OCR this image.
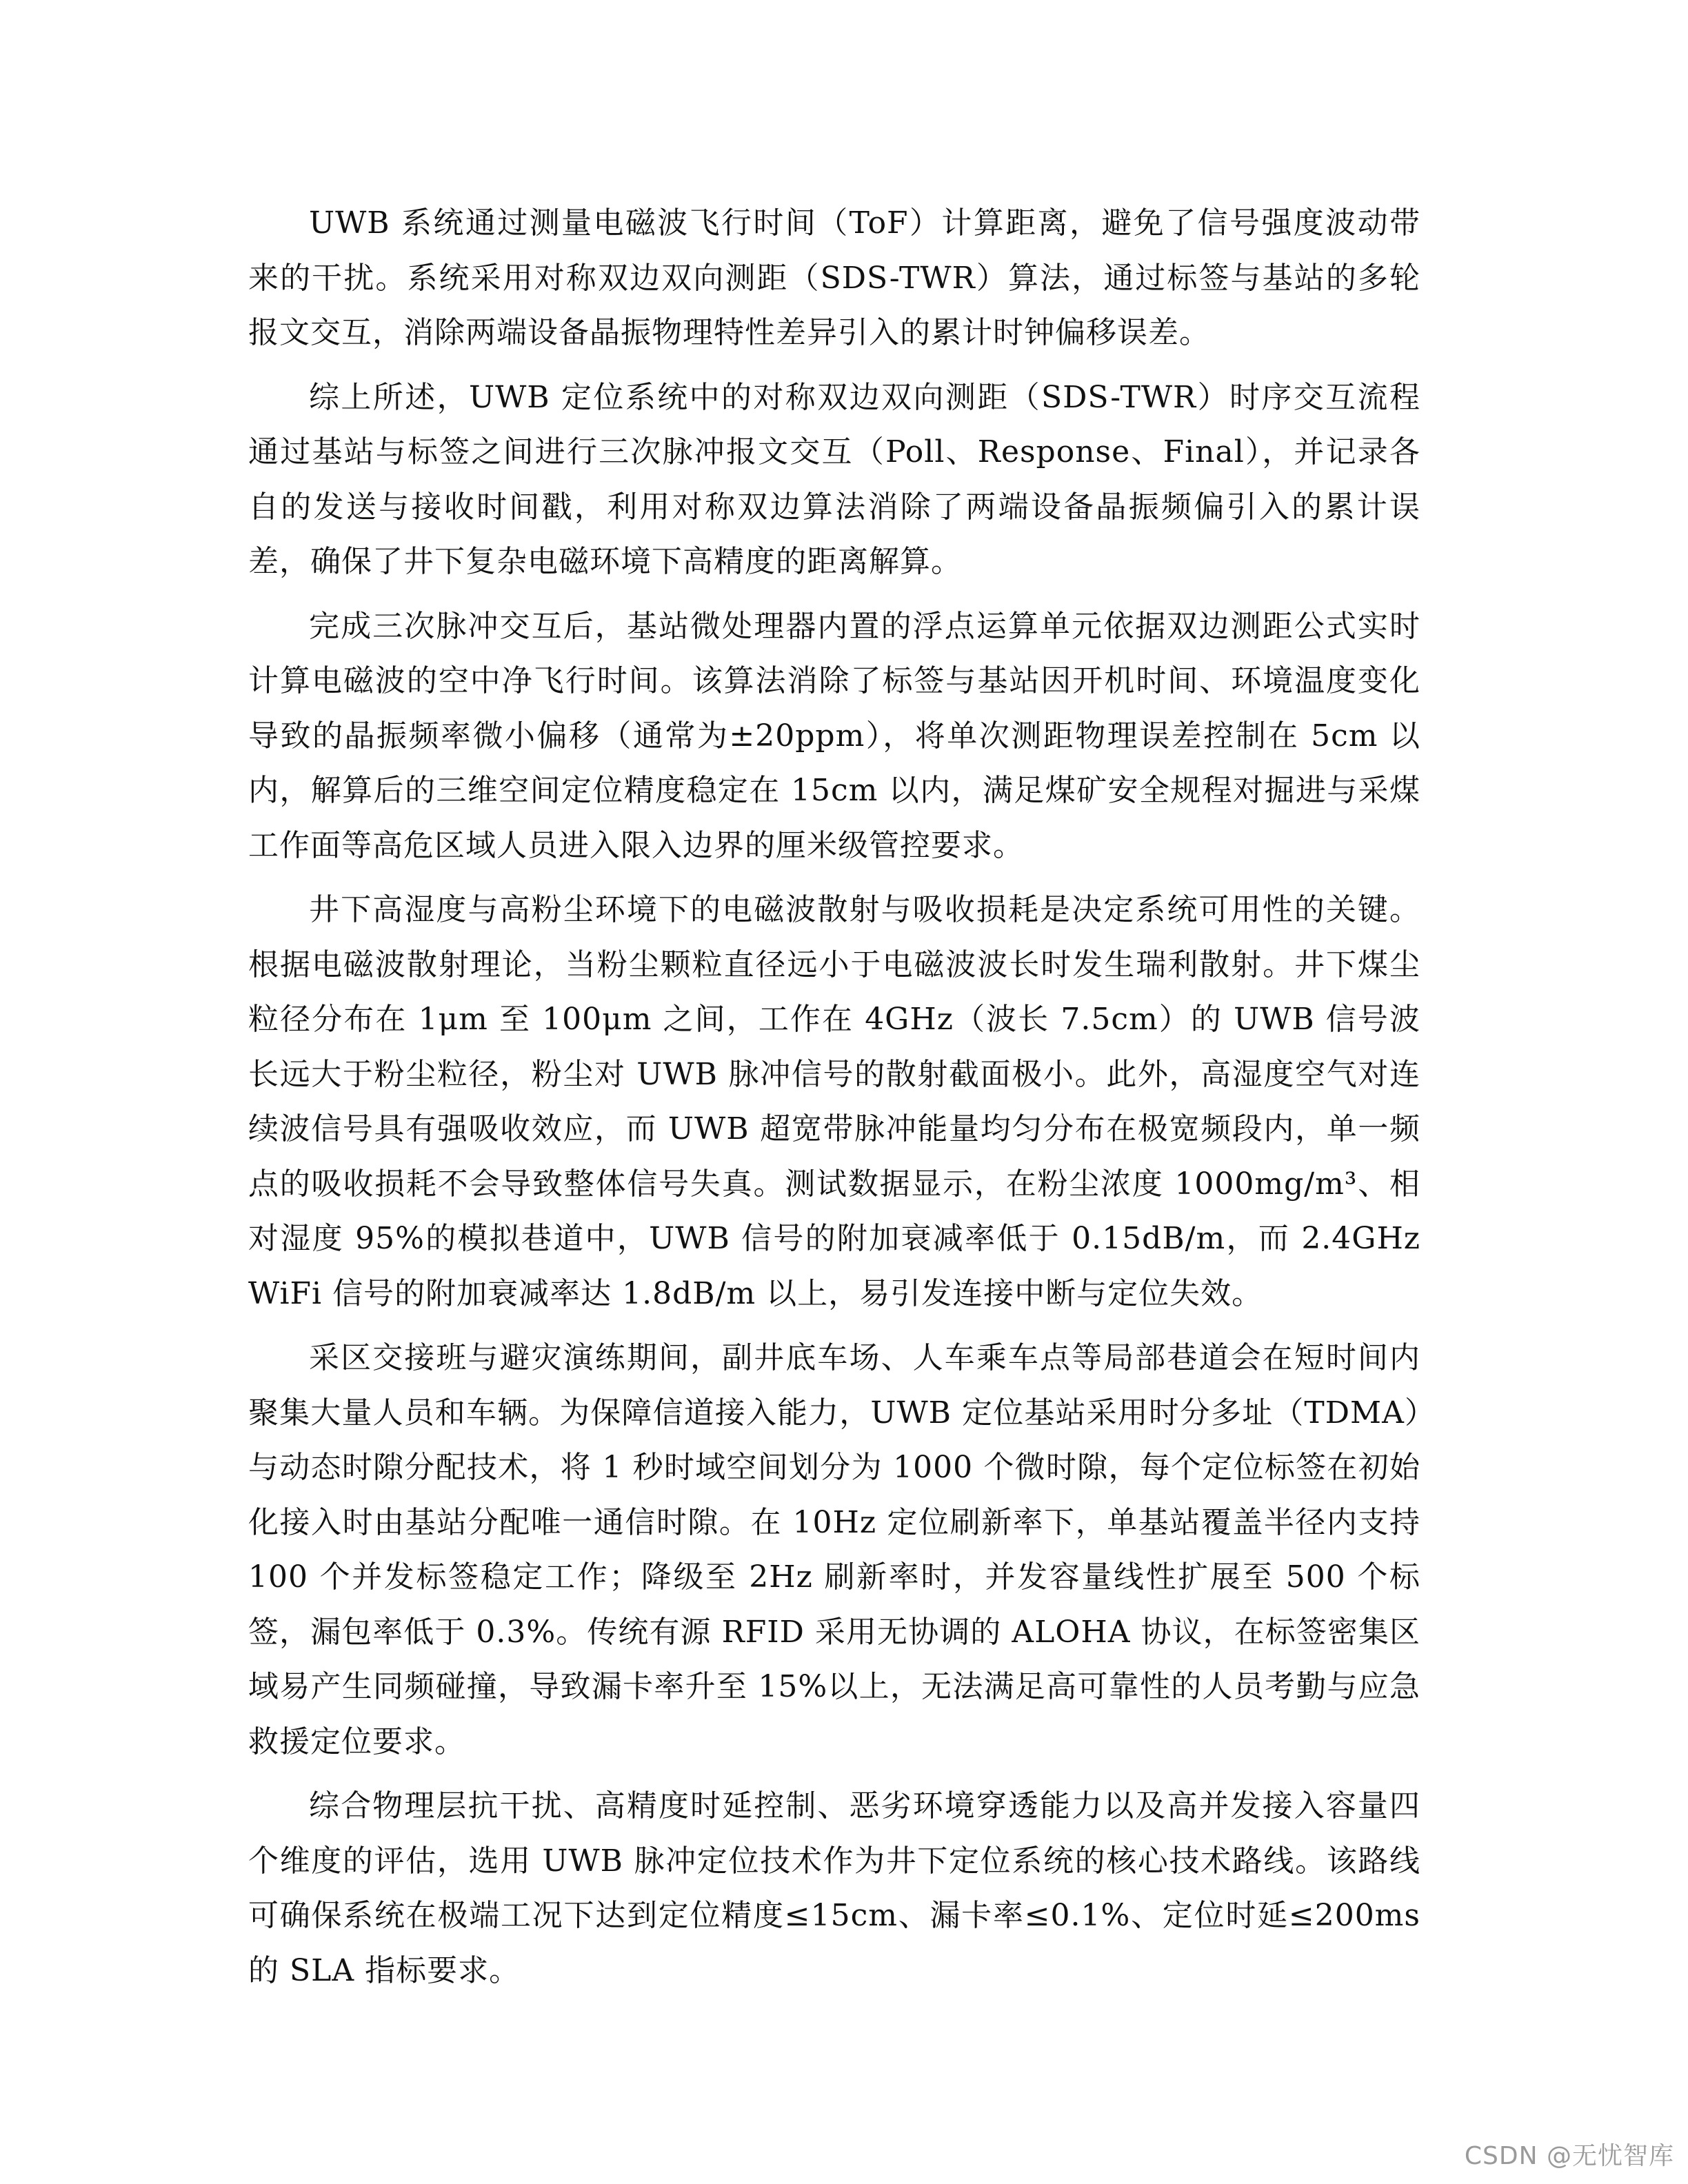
UWB 系统通过测量电磁波飞行时间（ToF）计算距离，避免了信号强度波动带来的干扰。系统采用对称双边双向测距（SDS-TWR）算法，通过标签与基站的多轮报文交互，消除两端设备晶振物理特性差异引入的累计时钟偏移误差。

综上所述，UWB 定位系统中的对称双边双向测距（SDS-TWR）时序交互流程通过基站与标签之间进行三次脉冲报文交互（Poll、Response、Final），并记录各自的发送与接收时间戳，利用对称双边算法消除了两端设备晶振频偏引入的累计误差，确保了井下复杂电磁环境下高精度的距离解算。

完成三次脉冲交互后，基站微处理器内置的浮点运算单元依据双边测距公式实时计算电磁波的空中净飞行时间。该算法消除了标签与基站因开机时间、环境温度变化导致的晶振频率微小偏移（通常为±20ppm），将单次测距物理误差控制在 5cm 以内，解算后的三维空间定位精度稳定在 15cm 以内，满足煤矿安全规程对掘进与采煤工作面等高危区域人员进入限入边界的厘米级管控要求。

井下高湿度与高粉尘环境下的电磁波散射与吸收损耗是决定系统可用性的关键。根据电磁波散射理论，当粉尘颗粒直径远小于电磁波波长时发生瑞利散射。井下煤尘粒径分布在 1μm 至 100μm 之间，工作在 4GHz（波长 7.5cm）的 UWB 信号波长远大于粉尘粒径，粉尘对 UWB 脉冲信号的散射截面极小。此外，高湿度空气对连续波信号具有强吸收效应，而 UWB 超宽带脉冲能量均匀分布在极宽频段内，单一频点的吸收损耗不会导致整体信号失真。测试数据显示，在粉尘浓度 1000mg/m³、相对湿度 95%的模拟巷道中，UWB 信号的附加衰减率低于 0.15dB/m，而 2.4GHz WiFi 信号的附加衰减率达 1.8dB/m 以上，易引发连接中断与定位失效。

采区交接班与避灾演练期间，副井底车场、人车乘车点等局部巷道会在短时间内聚集大量人员和车辆。为保障信道接入能力，UWB 定位基站采用时分多址（TDMA）与动态时隙分配技术，将 1 秒时域空间划分为 1000 个微时隙，每个定位标签在初始化接入时由基站分配唯一通信时隙。在 10Hz 定位刷新率下，单基站覆盖半径内支持 100 个并发标签稳定工作；降级至 2Hz 刷新率时，并发容量线性扩展至 500 个标签，漏包率低于 0.3%。传统有源 RFID 采用无协调的 ALOHA 协议，在标签密集区域易产生同频碰撞，导致漏卡率升至 15%以上，无法满足高可靠性的人员考勤与应急救援定位要求。

综合物理层抗干扰、高精度时延控制、恶劣环境穿透能力以及高并发接入容量四个维度的评估，选用 UWB 脉冲定位技术作为井下定位系统的核心技术路线。该路线可确保系统在极端工况下达到定位精度≤15cm、漏卡率≤0.1%、定位时延≤200ms 的 SLA 指标要求。

CSDN @无忧智库
